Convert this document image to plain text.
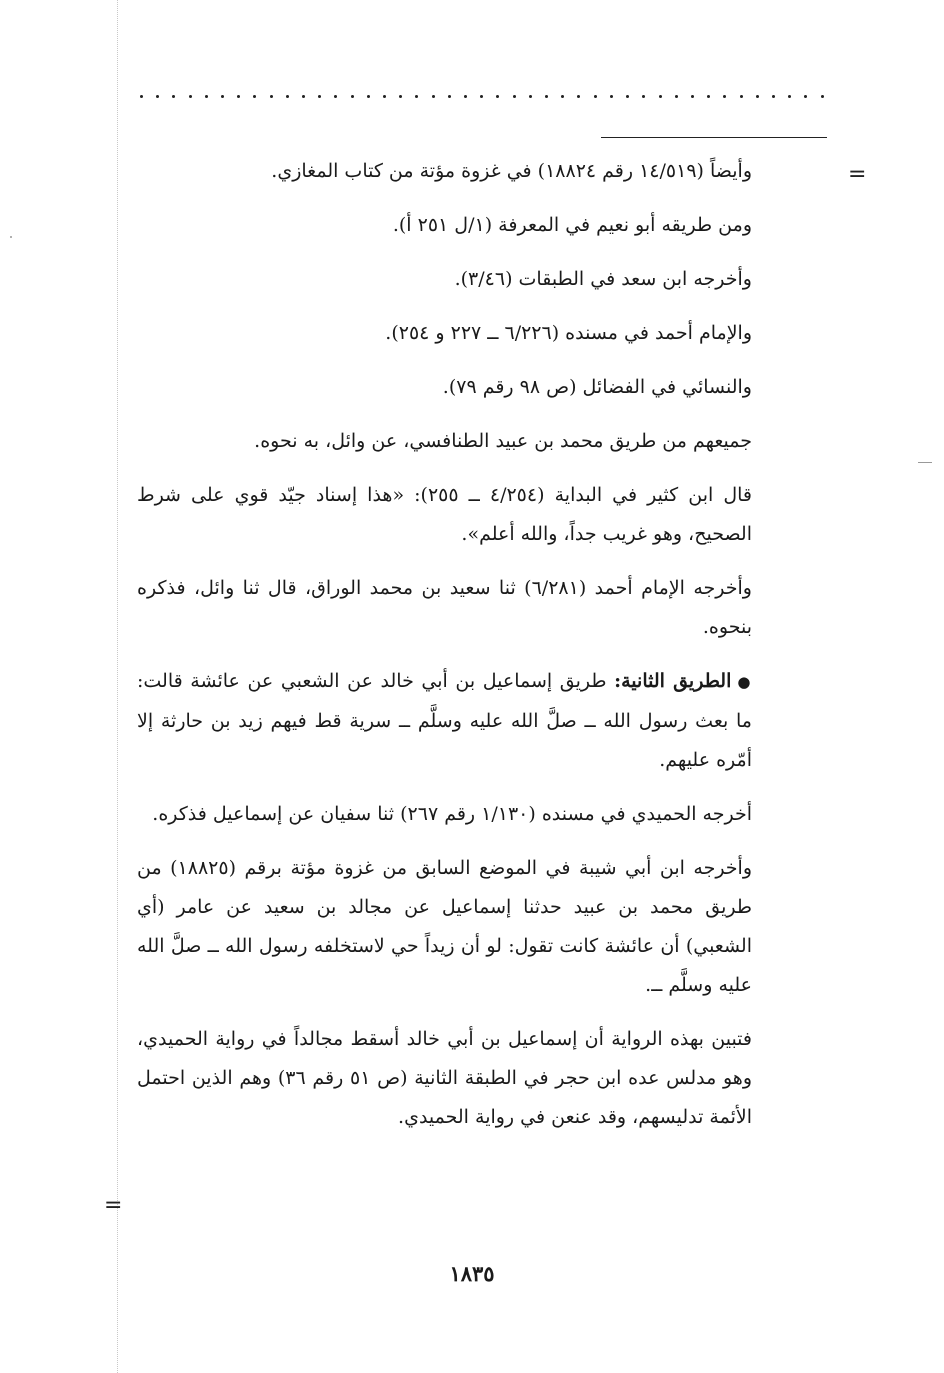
=
=

وأيضاً (١٤/٥١٩ رقم ١٨٨٢٤) في غزوة مؤتة من كتاب المغازي.

ومن طريقه أبو نعيم في المعرفة (١/ل ٢٥١ أ).

وأخرجه ابن سعد في الطبقات (٣/٤٦).

والإمام أحمد في مسنده (٦/٢٢٦ ــ ٢٢٧ و ٢٥٤).

والنسائي في الفضائل (ص ٩٨ رقم ٧٩).

جميعهم من طريق محمد بن عبيد الطنافسي، عن وائل، به نحوه.

قال ابن كثير في البداية (٤/٢٥٤ ــ ٢٥٥): «هذا إسناد جيّد قوي على شرط الصحيح، وهو غريب جداً، والله أعلم».

وأخرجه الإمام أحمد (٦/٢٨١) ثنا سعيد بن محمد الوراق، قال ثنا وائل، فذكره بنحوه.

●الطريق الثانية: طريق إسماعيل بن أبي خالد عن الشعبي عن عائشة قالت: ما بعث رسول الله ــ صلَّ الله عليه وسلَّم ــ سرية قط فيهم زيد بن حارثة إلا أمّره عليهم.

أخرجه الحميدي في مسنده (١/١٣٠ رقم ٢٦٧) ثنا سفيان عن إسماعيل فذكره.

وأخرجه ابن أبي شيبة في الموضع السابق من غزوة مؤتة برقم (١٨٨٢٥) من طريق محمد بن عبيد حدثنا إسماعيل عن مجالد بن سعيد عن عامر (أي الشعبي) أن عائشة كانت تقول: لو أن زيداً حي لاستخلفه رسول الله ــ صلَّ الله عليه وسلَّم ــ.

فتبين بهذه الرواية أن إسماعيل بن أبي خالد أسقط مجالداً في رواية الحميدي، وهو مدلس عده ابن حجر في الطبقة الثانية (ص ٥١ رقم ٣٦) وهم الذين احتمل الأئمة تدليسهم، وقد عنعن في رواية الحميدي.

١٨٣٥
